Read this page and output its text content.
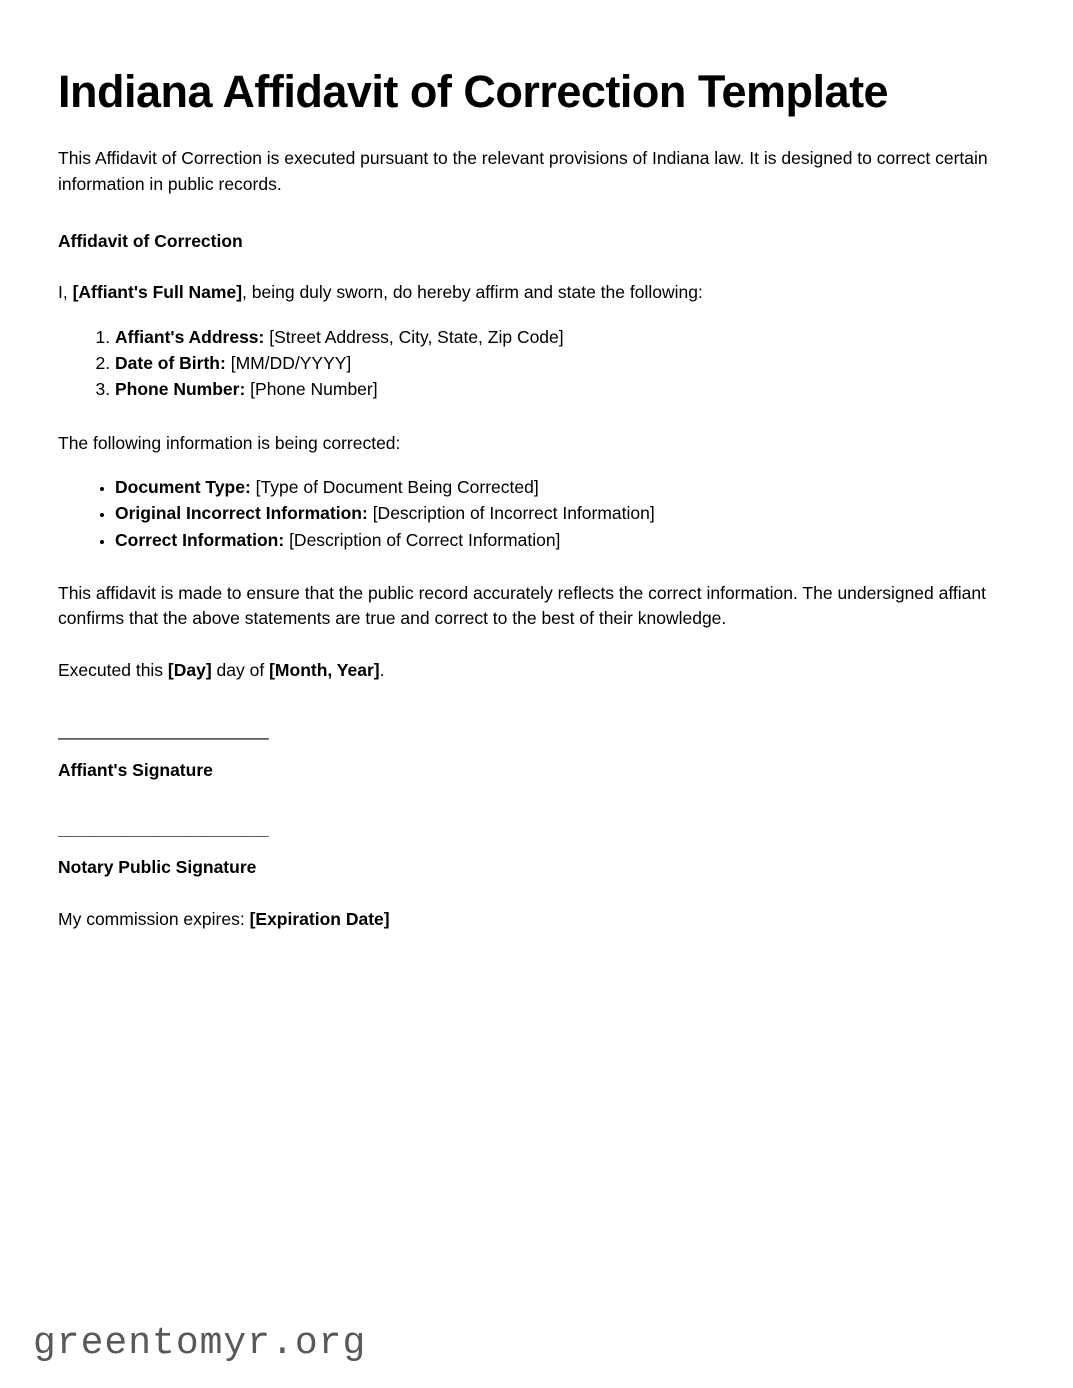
Indiana Affidavit of Correction Template

This Affidavit of Correction is executed pursuant to the relevant provisions of Indiana law. It is designed to correct certain information in public records.

Affidavit of Correction

I, [Affiant's Full Name], being duly sworn, do hereby affirm and state the following:

1. Affiant's Address: [Street Address, City, State, Zip Code]
2. Date of Birth: [MM/DD/YYYY]
3. Phone Number: [Phone Number]

The following information is being corrected:

• Document Type: [Type of Document Being Corrected]
• Original Incorrect Information: [Description of Incorrect Information]
• Correct Information: [Description of Correct Information]

This affidavit is made to ensure that the public record accurately reflects the correct information. The undersigned affiant confirms that the above statements are true and correct to the best of their knowledge.

Executed this [Day] day of [Month, Year].

_______________________

Affiant's Signature

_______________________

Notary Public Signature

My commission expires: [Expiration Date]

greentomyr.org
